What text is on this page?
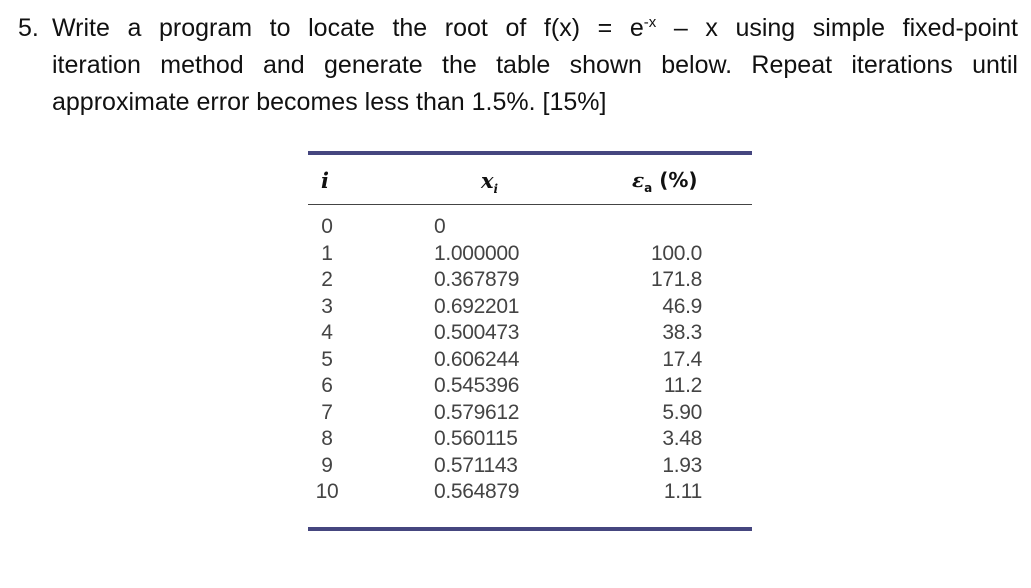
5. Write a program to locate the root of $f(x) = e^{-x} - x$ using simple fixed-point
iteration method and generate the table shown below. Repeat iterations until
approximate error becomes less than 1.5%. [15%]
i	$x_i$	$\varepsilon_a$ (%)
0
1
2
3
4
5
6
7
8
9
10
0
1.000000
0.367879
0.692201
0.500473
0.606244
0.545396
0.579612
0.560115
0.571143
0.564879
100.0
171.8
46.9
38.3
17.4
11.2
5.90
3.48
1.93
1.11
